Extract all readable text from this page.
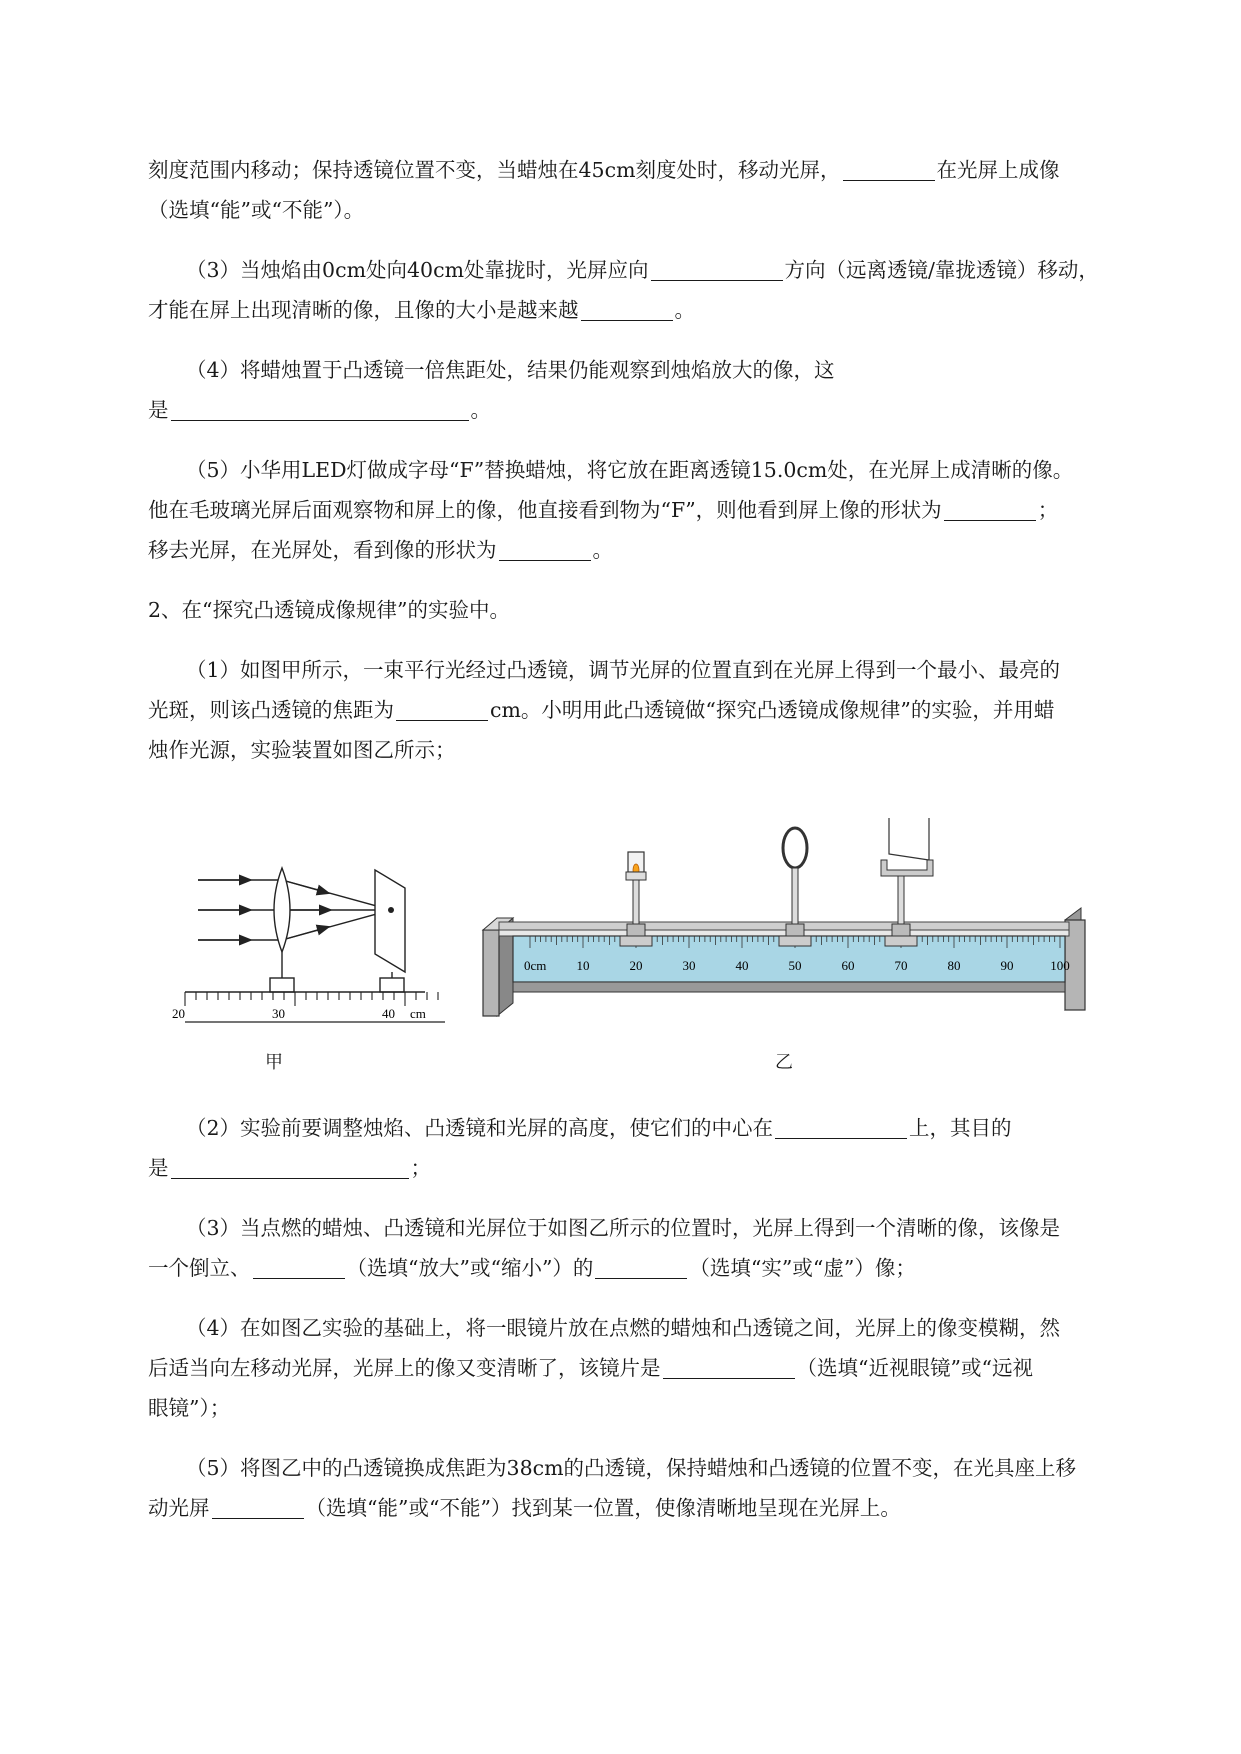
刻度范围内移动；保持透镜位置不变，当蜡烛在45cm刻度处时，移动光屏，	在光屏上成像
（选填“能”或“不能”）。
（3）当烛焰由0cm处向40cm处靠拢时，光屏应向	方向（远离透镜/靠拢透镜）移动，
才能在屏上出现清晰的像，且像的大小是越来越	。
（4）将蜡烛置于凸透镜一倍焦距处，结果仍能观察到烛焰放大的像，这
是	。
（5）小华用LED灯做成字母“F”替换蜡烛，将它放在距离透镜15.0cm处，在光屏上成清晰的像。
他在毛玻璃光屏后面观察物和屏上的像，他直接看到物为“F”，则他看到屏上像的形状为	；
移去光屏，在光屏处，看到像的形状为	。
2、在“探究凸透镜成像规律”的实验中。
（1）如图甲所示，一束平行光经过凸透镜，调节光屏的位置直到在光屏上得到一个最小、最亮的
光斑，则该凸透镜的焦距为	cm。小明用此凸透镜做“探究凸透镜成像规律”的实验，并用蜡
烛作光源，实验装置如图乙所示；
20	30	40 cm
甲
0cm 10	20	30	40	50	60	70	80	90	100
乙
（2）实验前要调整烛焰、凸透镜和光屏的高度，使它们的中心在	上，其目的
是	；
（3）当点燃的蜡烛、凸透镜和光屏位于如图乙所示的位置时，光屏上得到一个清晰的像，该像是
一个倒立、	（选填“放大”或“缩小”）的	（选填“实”或“虚”）像；
（4）在如图乙实验的基础上，将一眼镜片放在点燃的蜡烛和凸透镜之间，光屏上的像变模糊，然
后适当向左移动光屏，光屏上的像又变清晰了，该镜片是	（选填“近视眼镜”或“远视
眼镜”）；
（5）将图乙中的凸透镜换成焦距为38cm的凸透镜，保持蜡烛和凸透镜的位置不变，在光具座上移
动光屏	（选填“能”或“不能”）找到某一位置，使像清晰地呈现在光屏上。
